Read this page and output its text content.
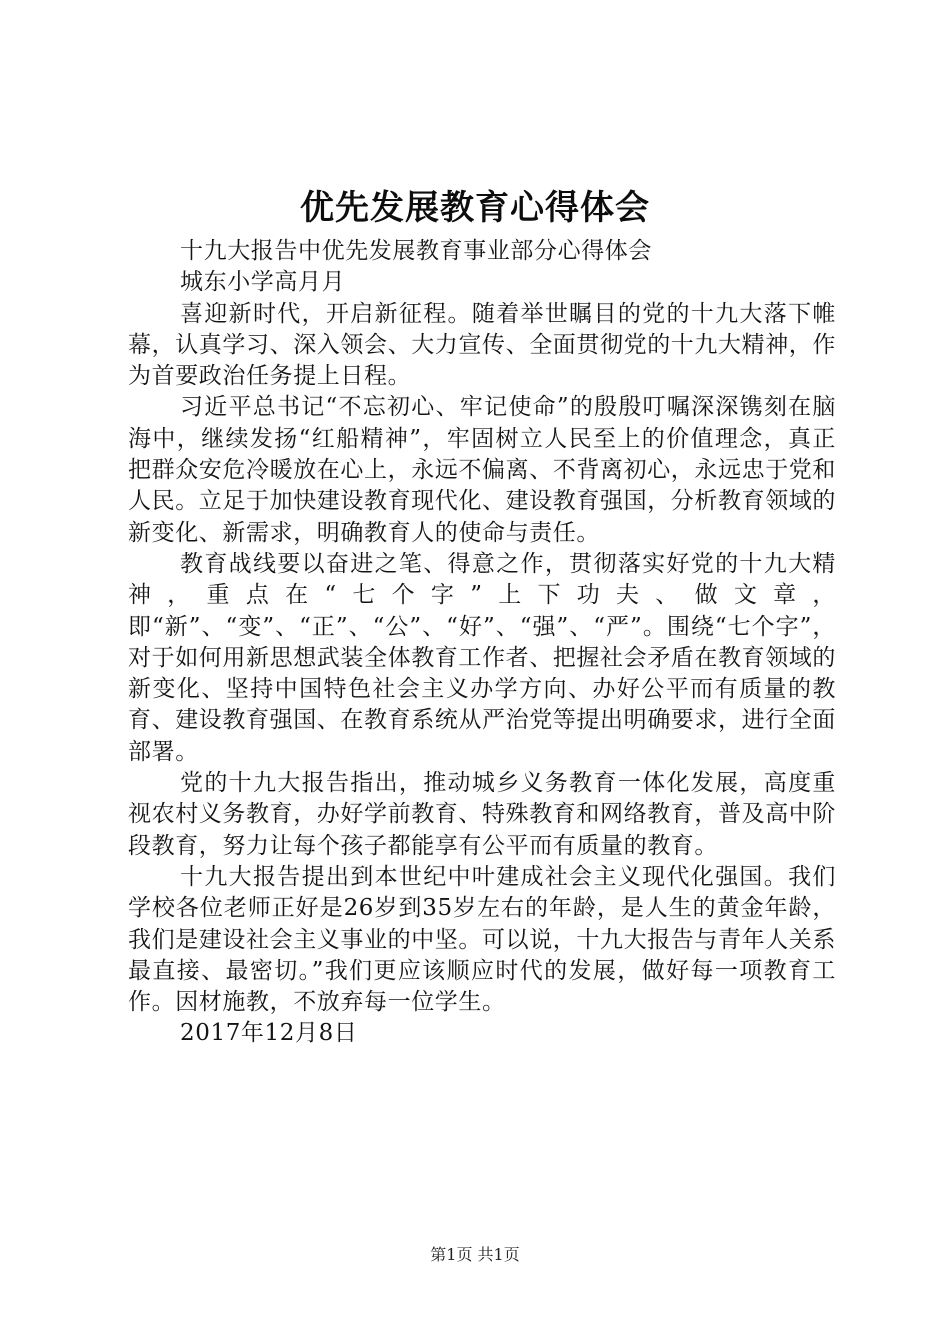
优先发展教育心得体会

十九大报告中优先发展教育事业部分心得体会

城东小学高月月

喜迎新时代，开启新征程。随着举世瞩目的党的十九大落下帷幕，认真学习、深入领会、大力宣传、全面贯彻党的十九大精神，作为首要政治任务提上日程。

习近平总书记“不忘初心、牢记使命”的殷殷叮嘱深深镌刻在脑海中，继续发扬“红船精神”，牢固树立人民至上的价值理念，真正把群众安危冷暖放在心上，永远不偏离、不背离初心，永远忠于党和人民。立足于加快建设教育现代化、建设教育强国，分析教育领域的新变化、新需求，明确教育人的使命与责任。

教育战线要以奋进之笔、得意之作，贯彻落实好党的十九大精神，重点在“七个字”上下功夫、做文章，即“新”、“变”、“正”、“公”、“好”、“强”、“严”。围绕“七个字”，对于如何用新思想武装全体教育工作者、把握社会矛盾在教育领域的新变化、坚持中国特色社会主义办学方向、办好公平而有质量的教育、建设教育强国、在教育系统从严治党等提出明确要求，进行全面部署。

党的十九大报告指出，推动城乡义务教育一体化发展，高度重视农村义务教育，办好学前教育、特殊教育和网络教育，普及高中阶段教育，努力让每个孩子都能享有公平而有质量的教育。

十九大报告提出到本世纪中叶建成社会主义现代化强国。我们学校各位老师正好是26岁到35岁左右的年龄，是人生的黄金年龄，我们是建设社会主义事业的中坚。可以说，十九大报告与青年人关系最直接、最密切。”我们更应该顺应时代的发展，做好每一项教育工作。因材施教，不放弃每一位学生。

2017年12月8日

第1页 共1页
